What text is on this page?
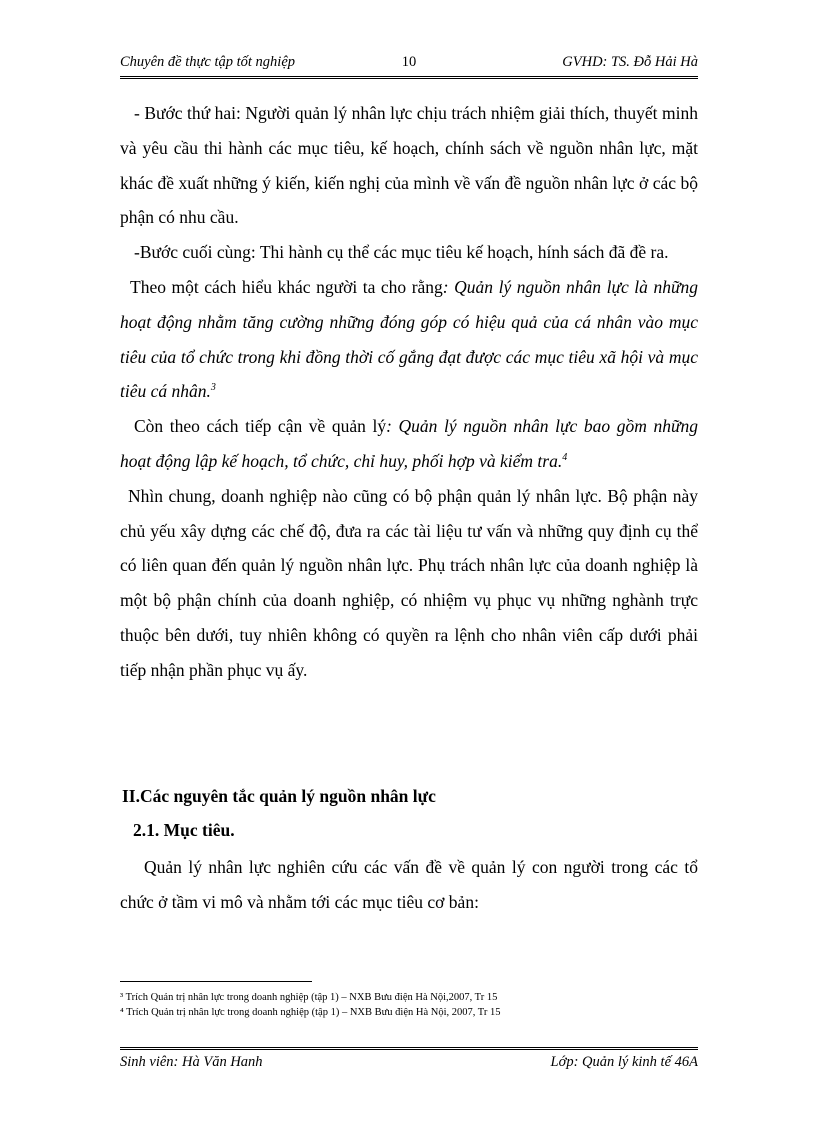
Chuyên đề thực tập tốt nghiệp	10	GVHD: TS. Đỗ Hải Hà

- Bước thứ hai: Người quản lý nhân lực chịu trách nhiệm giải thích, thuyết minh và yêu cầu thi hành các mục tiêu, kế hoạch, chính sách về nguồn nhân lực, mặt khác đề xuất những ý kiến, kiến nghị của mình về vấn đề nguồn nhân lực ở các bộ phận có nhu cầu.

-Bước cuối cùng: Thi hành cụ thể các mục tiêu kế hoạch, hính sách đã đề ra.

Theo một cách hiểu khác người ta cho rằng: Quản lý nguồn nhân lực là những hoạt động nhằm tăng cường những đóng góp có hiệu quả của cá nhân vào mục tiêu của tổ chức trong khi đồng thời cố gắng đạt được các mục tiêu xã hội và mục tiêu cá nhân.$^3$

Còn theo cách tiếp cận về quản lý: Quản lý nguồn nhân lực bao gồm những hoạt động lập kế hoạch, tổ chức, chỉ huy, phối hợp và kiểm tra.$^4$

Nhìn chung, doanh nghiệp nào cũng có bộ phận quản lý nhân lực. Bộ phận này chủ yếu xây dựng các chế độ, đưa ra các tài liệu tư vấn và những quy định cụ thể có liên quan đến quản lý nguồn nhân lực. Phụ trách nhân lực của doanh nghiệp là một bộ phận chính của doanh nghiệp, có nhiệm vụ phục vụ những nghành trực thuộc bên dưới, tuy nhiên không có quyền ra lệnh cho nhân viên cấp dưới phải tiếp nhận phần phục vụ ấy.

II.Các nguyên tắc quản lý nguồn nhân lực
2.1. Mục tiêu.

Quản lý nhân lực nghiên cứu các vấn đề về quản lý con người trong các tổ chức ở tầm vi mô và nhằm tới các mục tiêu cơ bản:

³ Trích Quản trị nhân lực trong doanh nghiệp (tập 1) – NXB Bưu điện Hà Nội,2007, Tr 15
⁴ Trích Quản trị nhân lực trong doanh nghiệp (tập 1) – NXB Bưu điện Hà Nội, 2007, Tr 15
Sinh viên: Hà Văn Hanh	Lớp: Quản lý kinh tế 46A
